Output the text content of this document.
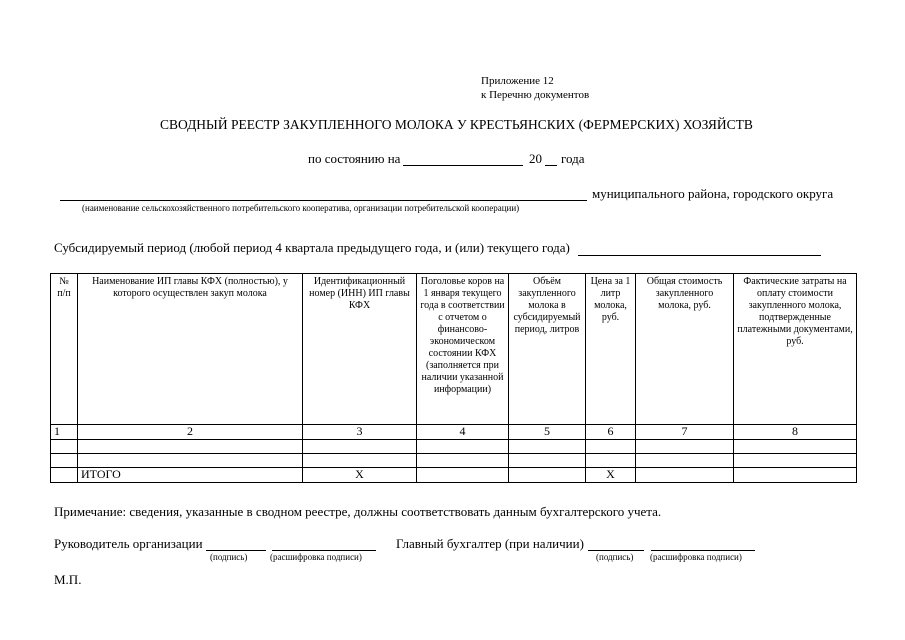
Приложение 12
к Перечню документов
СВОДНЫЙ РЕЕСТР ЗАКУПЛЕННОГО МОЛОКА У КРЕСТЬЯНСКИХ (ФЕРМЕРСКИХ) ХОЗЯЙСТВ
по состоянию на	20 года
муниципального района, городского округа
(наименование сельскохозяйственного потребительского кооператива, организации потребительской кооперации)
Субсидируемый период (любой период 4 квартала предыдущего года, и (или) текущего года)
№ п/п	Наименование ИП главы КФХ (полностью), у которого осуществлен закуп молока	Идентификационный номер (ИНН) ИП главы КФХ	Поголовье коров на 1 января текущего года в соответствии с отчетом о финансово-экономическом состоянии КФХ (заполняется при наличии указанной информации)	Объём закупленного молока в субсидируемый период, литров	Цена за 1 литр молока, руб.	Общая стоимость закупленного молока, руб.	Фактические затраты на оплату стоимости закупленного молока, подтвержденные платежными документами, руб.
1	2	3	4	5	6	7	8

	ИТОГО	Х			Х		
Примечание: сведения, указанные в сводном реестре, должны соответствовать данным бухгалтерского учета.
Руководитель организации
(подпись)	(расшифровка подписи)
Главный бухгалтер (при наличии)
(подпись) (расшифровка подписи)
М.П.
